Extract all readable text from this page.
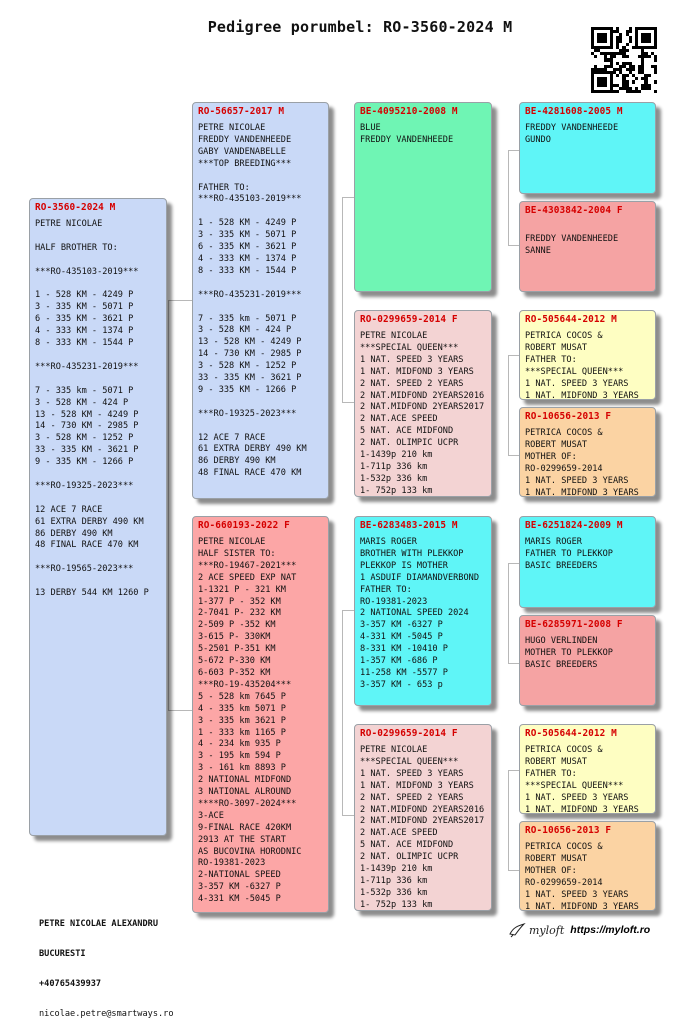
Pedigree porumbel: RO-3560-2024 M
RO-3560-2024 M
PETRE NICOLAE

HALF BROTHER TO:

***RO-435103-2019***

1 - 528 KM - 4249 P
3 - 335 KM - 5071 P
6 - 335 KM - 3621 P
4 - 333 KM - 1374 P
8 - 333 KM - 1544 P

***RO-435231-2019***

7 - 335 km - 5071 P
3 - 528 KM - 424 P
13 - 528 KM - 4249 P
14 - 730 KM - 2985 P
3 - 528 KM - 1252 P
33 - 335 KM - 3621 P
9 - 335 KM - 1266 P

***RO-19325-2023***

12 ACE 7 RACE
61 EXTRA DERBY 490 KM
86 DERBY 490 KM
48 FINAL RACE 470 KM

***RO-19565-2023***

13 DERBY 544 KM 1260 P
RO-56657-2017 M
PETRE NICOLAE
FREDDY VANDENHEEDE
GABY VANDENABELLE
***TOP BREEDING***

FATHER TO:
***RO-435103-2019***

1 - 528 KM - 4249 P
3 - 335 KM - 5071 P
6 - 335 KM - 3621 P
4 - 333 KM - 1374 P
8 - 333 KM - 1544 P

***RO-435231-2019***

7 - 335 km - 5071 P
3 - 528 KM - 424 P
13 - 528 KM - 4249 P
14 - 730 KM - 2985 P
3 - 528 KM - 1252 P
33 - 335 KM - 3621 P
9 - 335 KM - 1266 P

***RO-19325-2023***

12 ACE 7 RACE
61 EXTRA DERBY 490 KM
86 DERBY 490 KM
48 FINAL RACE 470 KM
RO-660193-2022 F
PETRE NICOLAE
HALF SISTER TO:
***RO-19467-2021***
2 ACE SPEED EXP NAT
1-1321 P - 321 KM
1-377 P - 352 KM
2-7041 P- 232 KM
2-509 P -352 KM
3-615 P- 330KM
5-2501 P-351 KM
5-672 P-330 KM
6-603 P-352 KM
***RO-19-435204***
5 - 528 km 7645 P
4 - 335 km 5071 P
3 - 335 km 3621 P
1 - 333 km 1165 P
4 - 234 km 935 P
3 - 195 km 594 P
3 - 161 km 8893 P
2 NATIONAL MIDFOND
3 NATIONAL ALROUND
****RO-3097-2024***
3-ACE
9-FINAL RACE 420KM
2913 AT THE START
AS BUCOVINA HORODNIC
RO-19381-2023
2-NATIONAL SPEED
3-357 KM -6327 P
4-331 KM -5045 P
BE-4095210-2008 M
BLUE
FREDDY VANDENHEEDE
RO-0299659-2014 F
PETRE NICOLAE
***SPECIAL QUEEN***
1 NAT. SPEED 3 YEARS
1 NAT. MIDFOND 3 YEARS
2 NAT. SPEED 2 YEARS
2 NAT.MIDFOND 2YEARS2016
2 NAT.MIDFOND 2YEARS2017
2 NAT.ACE SPEED
5 NAT. ACE MIDFOND
2 NAT. OLIMPIC UCPR
1-1439p 210 km
1-711p 336 km
1-532p 336 km
1- 752p 133 km
BE-6283483-2015 M
MARIS ROGER
BROTHER WITH PLEKKOP
PLEKKOP IS MOTHER
1 ASDUIF DIAMANDVERBOND
FATHER TO:
RO-19381-2023
2 NATIONAL SPEED 2024
3-357 KM -6327 P
4-331 KM -5045 P
8-331 KM -10410 P
1-357 KM -686 P
11-258 KM -5577 P
3-357 KM - 653 p
RO-0299659-2014 F
PETRE NICOLAE
***SPECIAL QUEEN***
1 NAT. SPEED 3 YEARS
1 NAT. MIDFOND 3 YEARS
2 NAT. SPEED 2 YEARS
2 NAT.MIDFOND 2YEARS2016
2 NAT.MIDFOND 2YEARS2017
2 NAT.ACE SPEED
5 NAT. ACE MIDFOND
2 NAT. OLIMPIC UCPR
1-1439p 210 km
1-711p 336 km
1-532p 336 km
1- 752p 133 km
BE-4281608-2005 M
FREDDY VANDENHEEDE
GUNDO
BE-4303842-2004 F

FREDDY VANDENHEEDE
SANNE
RO-505644-2012 M
PETRICA COCOS &
ROBERT MUSAT
FATHER TO:
***SPECIAL QUEEN***
1 NAT. SPEED 3 YEARS
1 NAT. MIDFOND 3 YEARS
RO-10656-2013 F
PETRICA COCOS &
ROBERT MUSAT
MOTHER OF:
RO-0299659-2014
1 NAT. SPEED 3 YEARS
1 NAT. MIDFOND 3 YEARS
BE-6251824-2009 M
MARIS ROGER
FATHER TO PLEKKOP
BASIC BREEDERS
BE-6285971-2008 F
HUGO VERLINDEN
MOTHER TO PLEKKOP
BASIC BREEDERS
RO-505644-2012 M
PETRICA COCOS &
ROBERT MUSAT
FATHER TO:
***SPECIAL QUEEN***
1 NAT. SPEED 3 YEARS
1 NAT. MIDFOND 3 YEARS
RO-10656-2013 F
PETRICA COCOS &
ROBERT MUSAT
MOTHER OF:
RO-0299659-2014
1 NAT. SPEED 3 YEARS
1 NAT. MIDFOND 3 YEARS

PETRE NICOLAE ALEXANDRU

BUCURESTI

+40765439937

nicolae.petre@smartways.ro

myloft https://myloft.ro
